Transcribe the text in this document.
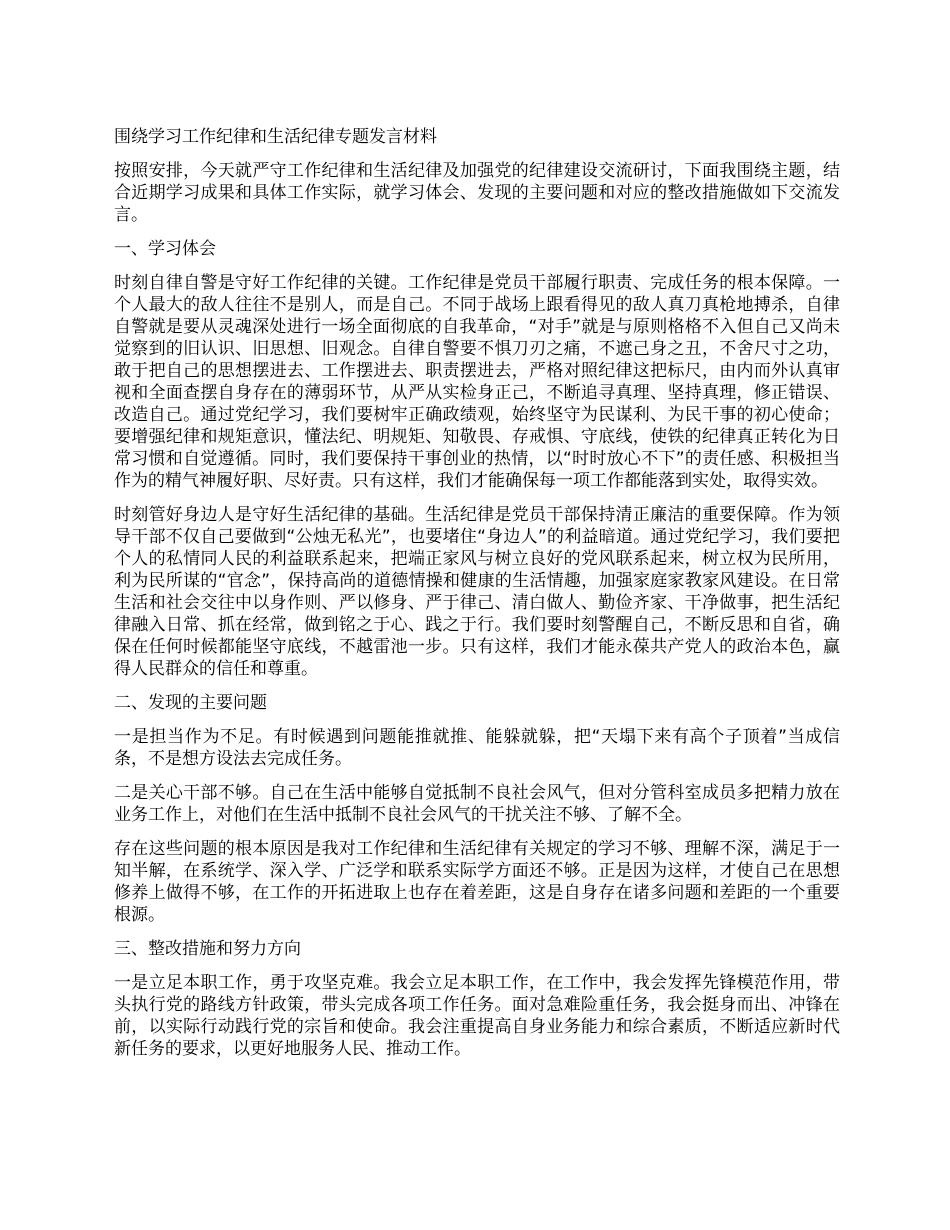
围绕学习工作纪律和生活纪律专题发言材料
按照安排，今天就严守工作纪律和生活纪律及加强党的纪律建设交流研讨，下面我围绕主题，结合近期学习成果和具体工作实际，就学习体会、发现的主要问题和对应的整改措施做如下交流发言。
一、学习体会
时刻自律自警是守好工作纪律的关键。工作纪律是党员干部履行职责、完成任务的根本保障。一个人最大的敌人往往不是别人，而是自己。不同于战场上跟看得见的敌人真刀真枪地搏杀，自律自警就是要从灵魂深处进行一场全面彻底的自我革命，“对手”就是与原则格格不入但自己又尚未觉察到的旧认识、旧思想、旧观念。自律自警要不惧刀刃之痛，不遮己身之丑，不舍尺寸之功，敢于把自己的思想摆进去、工作摆进去、职责摆进去，严格对照纪律这把标尺，由内而外认真审视和全面查摆自身存在的薄弱环节，从严从实检身正己，不断追寻真理、坚持真理，修正错误、改造自己。通过党纪学习，我们要树牢正确政绩观，始终坚守为民谋利、为民干事的初心使命；要增强纪律和规矩意识，懂法纪、明规矩、知敬畏、存戒惧、守底线，使铁的纪律真正转化为日常习惯和自觉遵循。同时，我们要保持干事创业的热情，以“时时放心不下”的责任感、积极担当作为的精气神履好职、尽好责。只有这样，我们才能确保每一项工作都能落到实处，取得实效。
时刻管好身边人是守好生活纪律的基础。生活纪律是党员干部保持清正廉洁的重要保障。作为领导干部不仅自己要做到“公烛无私光”，也要堵住“身边人”的利益暗道。通过党纪学习，我们要把个人的私情同人民的利益联系起来，把端正家风与树立良好的党风联系起来，树立权为民所用，利为民所谋的“官念”，保持高尚的道德情操和健康的生活情趣，加强家庭家教家风建设。在日常生活和社会交往中以身作则、严以修身、严于律己、清白做人、勤俭齐家、干净做事，把生活纪律融入日常、抓在经常，做到铭之于心、践之于行。我们要时刻警醒自己，不断反思和自省，确保在任何时候都能坚守底线，不越雷池一步。只有这样，我们才能永葆共产党人的政治本色，赢得人民群众的信任和尊重。
二、发现的主要问题
一是担当作为不足。有时候遇到问题能推就推、能躲就躲，把“天塌下来有高个子顶着”当成信条，不是想方设法去完成任务。
二是关心干部不够。自己在生活中能够自觉抵制不良社会风气，但对分管科室成员多把精力放在业务工作上，对他们在生活中抵制不良社会风气的干扰关注不够、了解不全。
存在这些问题的根本原因是我对工作纪律和生活纪律有关规定的学习不够、理解不深，满足于一知半解，在系统学、深入学、广泛学和联系实际学方面还不够。正是因为这样，才使自己在思想修养上做得不够，在工作的开拓进取上也存在着差距，这是自身存在诸多问题和差距的一个重要根源。
三、整改措施和努力方向
一是立足本职工作，勇于攻坚克难。我会立足本职工作，在工作中，我会发挥先锋模范作用，带头执行党的路线方针政策，带头完成各项工作任务。面对急难险重任务，我会挺身而出、冲锋在前，以实际行动践行党的宗旨和使命。我会注重提高自身业务能力和综合素质，不断适应新时代新任务的要求，以更好地服务人民、推动工作。
